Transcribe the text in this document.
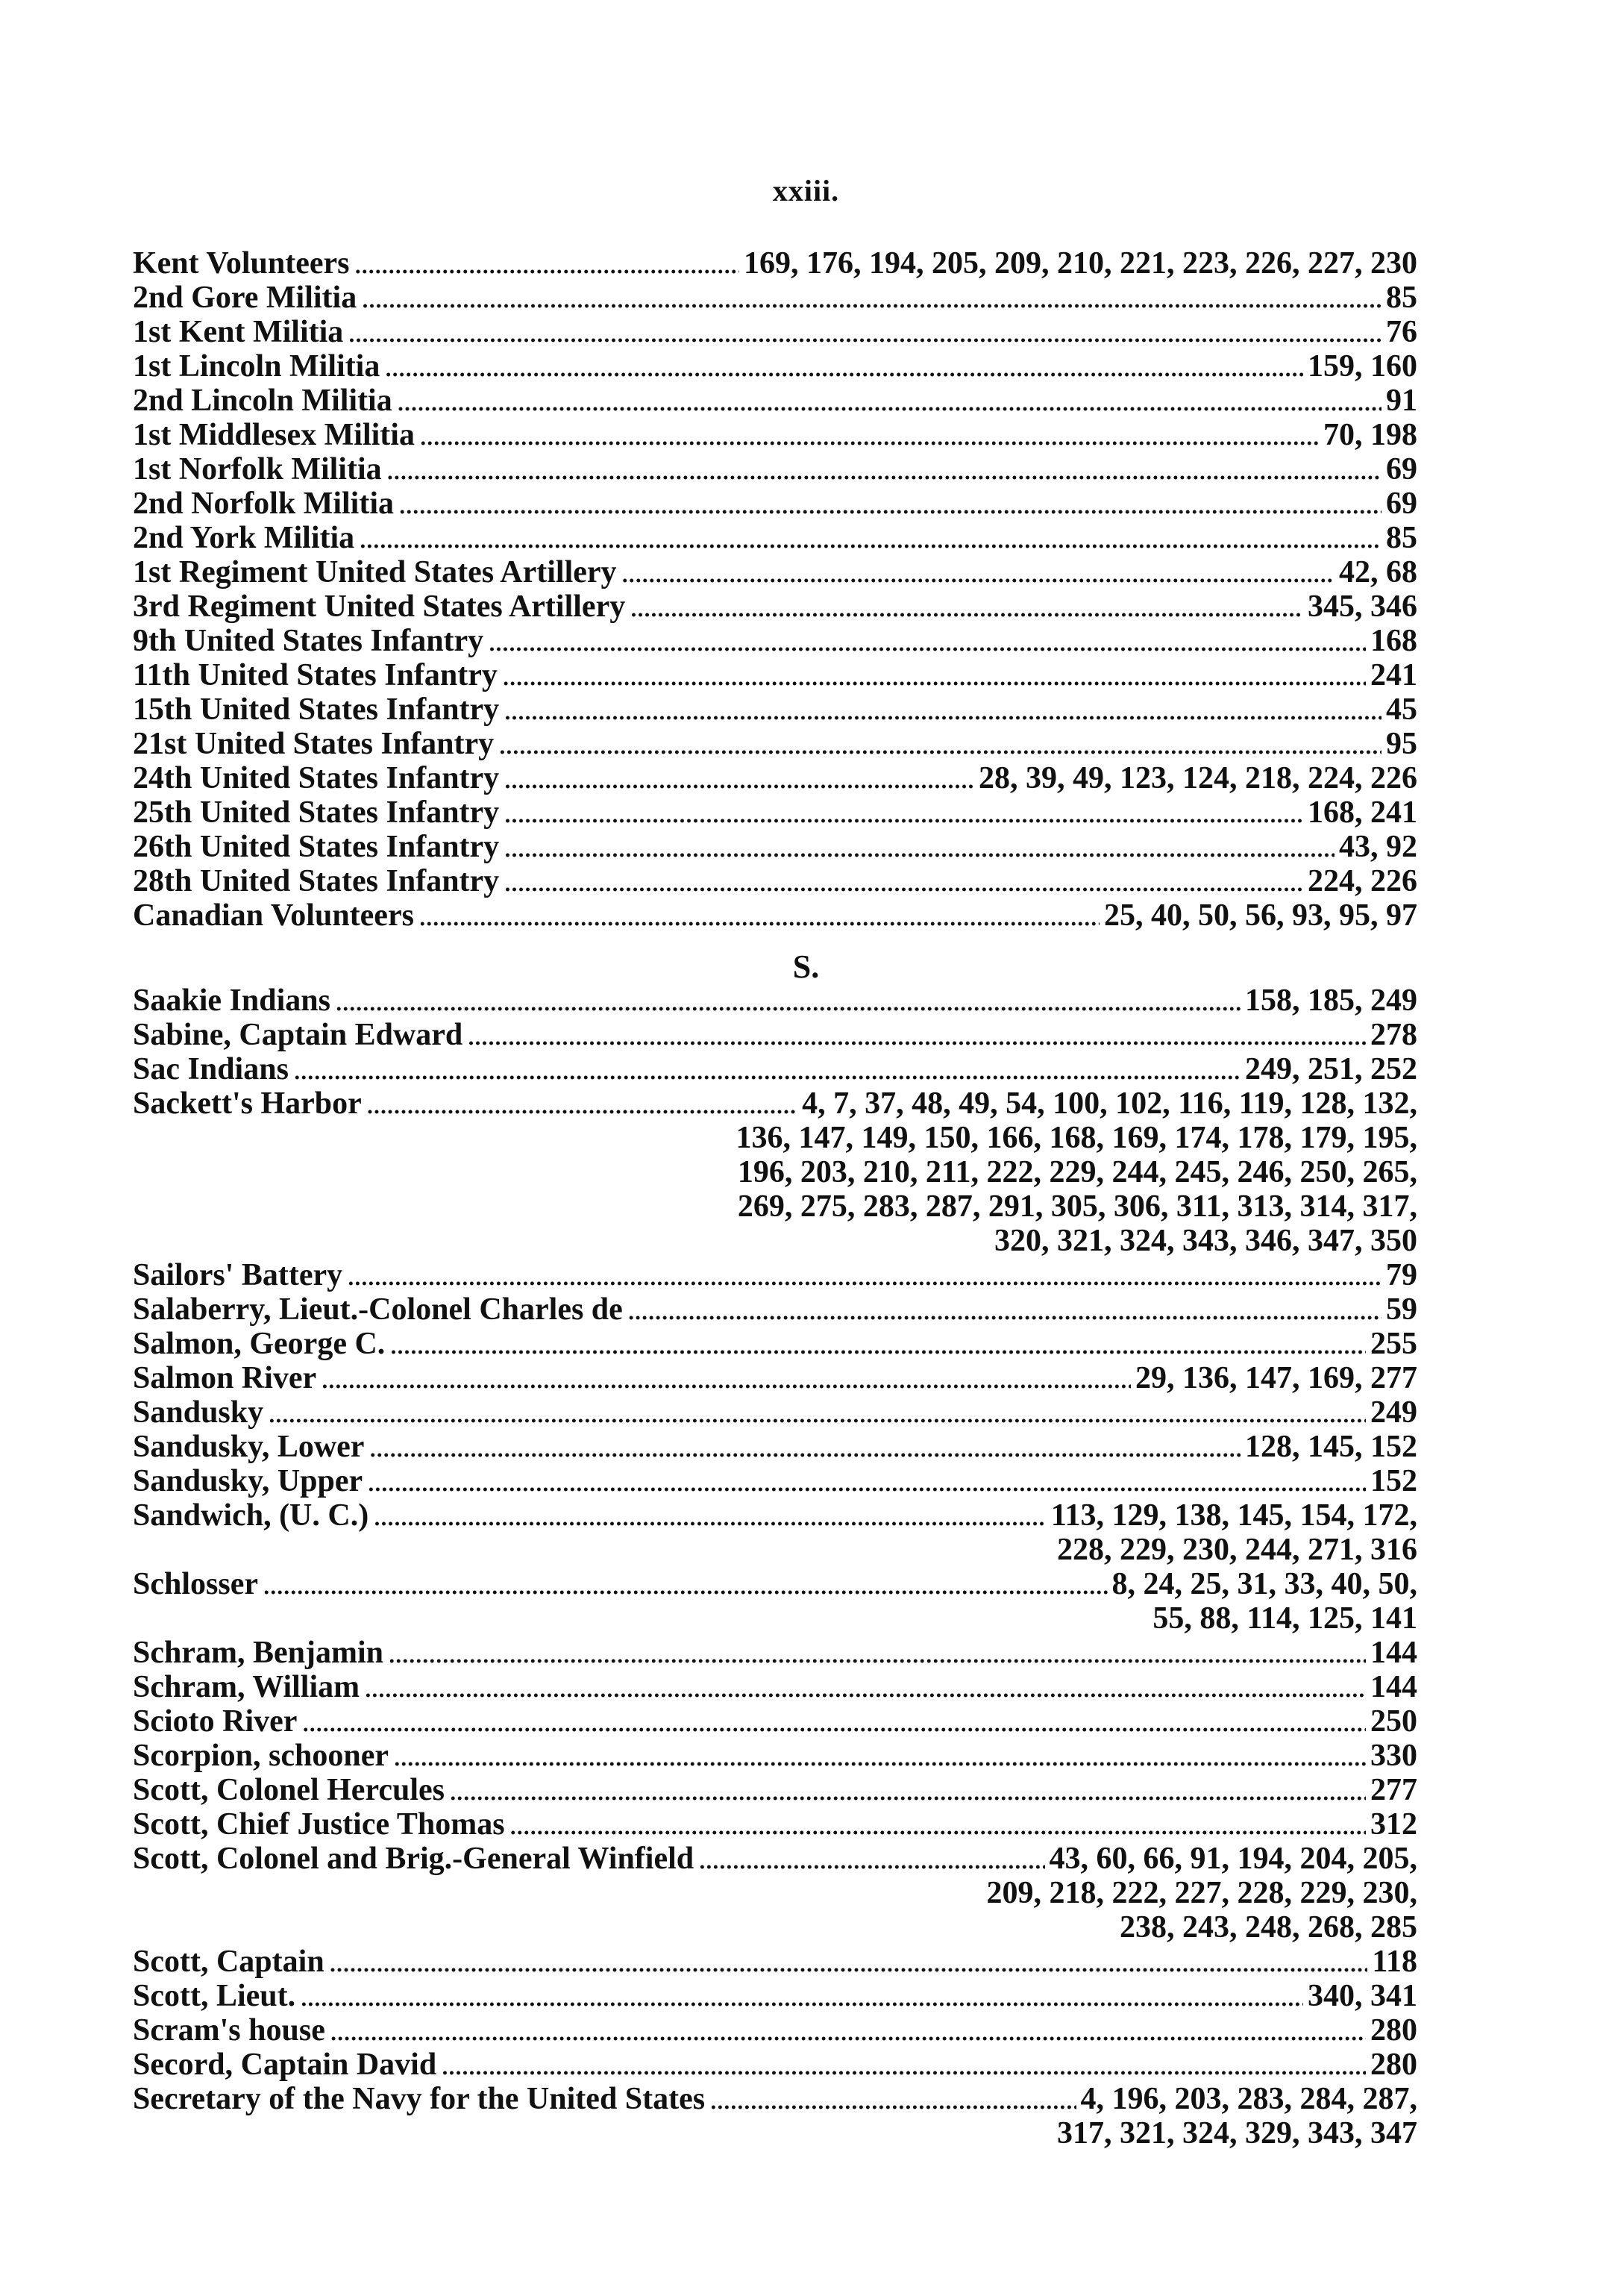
xxiii.
Kent Volunteers . . .	169, 176, 194, 205, 209, 210, 221, 223, 226, 227, 230
2nd Gore Militia . . .	85
1st Kent Militia . . .	76
1st Lincoln Militia . . .	159, 160
2nd Lincoln Militia . . .	91
1st Middlesex Militia . . .	70, 198
1st Norfolk Militia . . .	69
2nd Norfolk Militia . . .	69
2nd York Militia . . .	85
1st Regiment United States Artillery . . .	42, 68
3rd Regiment United States Artillery . . .	345, 346
9th United States Infantry . . .	168
11th United States Infantry . . .	241
15th United States Infantry . . .	45
21st United States Infantry . . .	95
24th United States Infantry . . .	28, 39, 49, 123, 124, 218, 224, 226
25th United States Infantry . . .	168, 241
26th United States Infantry . . .	43, 92
28th United States Infantry . . .	224, 226
Canadian Volunteers . . .	25, 40, 50, 56, 93, 95, 97
S.
Saakie Indians . . .	158, 185, 249
Sabine, Captain Edward . . .	278
Sac Indians . . .	249, 251, 252
Sackett's Harbor . . .	4, 7, 37, 48, 49, 54, 100, 102, 116, 119, 128, 132,
136, 147, 149, 150, 166, 168, 169, 174, 178, 179, 195,
196, 203, 210, 211, 222, 229, 244, 245, 246, 250, 265,
269, 275, 283, 287, 291, 305, 306, 311, 313, 314, 317,
320, 321, 324, 343, 346, 347, 350
Sailors' Battery . . .	79
Salaberry, Lieut.-Colonel Charles de . . .	59
Salmon, George C. . . .	255
Salmon River . . .	29, 136, 147, 169, 277
Sandusky . . .	249
Sandusky, Lower . . .	128, 145, 152
Sandusky, Upper . . .	152
Sandwich, (U. C.) . . .	113, 129, 138, 145, 154, 172,
228, 229, 230, 244, 271, 316
Schlosser . . .	8, 24, 25, 31, 33, 40, 50,
55, 88, 114, 125, 141
Schram, Benjamin . . .	144
Schram, William . . .	144
Scioto River . . .	250
Scorpion, schooner . . .	330
Scott, Colonel Hercules . . .	277
Scott, Chief Justice Thomas . . .	312
Scott, Colonel and Brig.-General Winfield . . .	43, 60, 66, 91, 194, 204, 205,
209, 218, 222, 227, 228, 229, 230,
238, 243, 248, 268, 285
Scott, Captain . . .	118
Scott, Lieut. . . .	340, 341
Scram's house . . .	280
Secord, Captain David . . .	280
Secretary of the Navy for the United States . . .	4, 196, 203, 283, 284, 287,
317, 321, 324, 329, 343, 347
